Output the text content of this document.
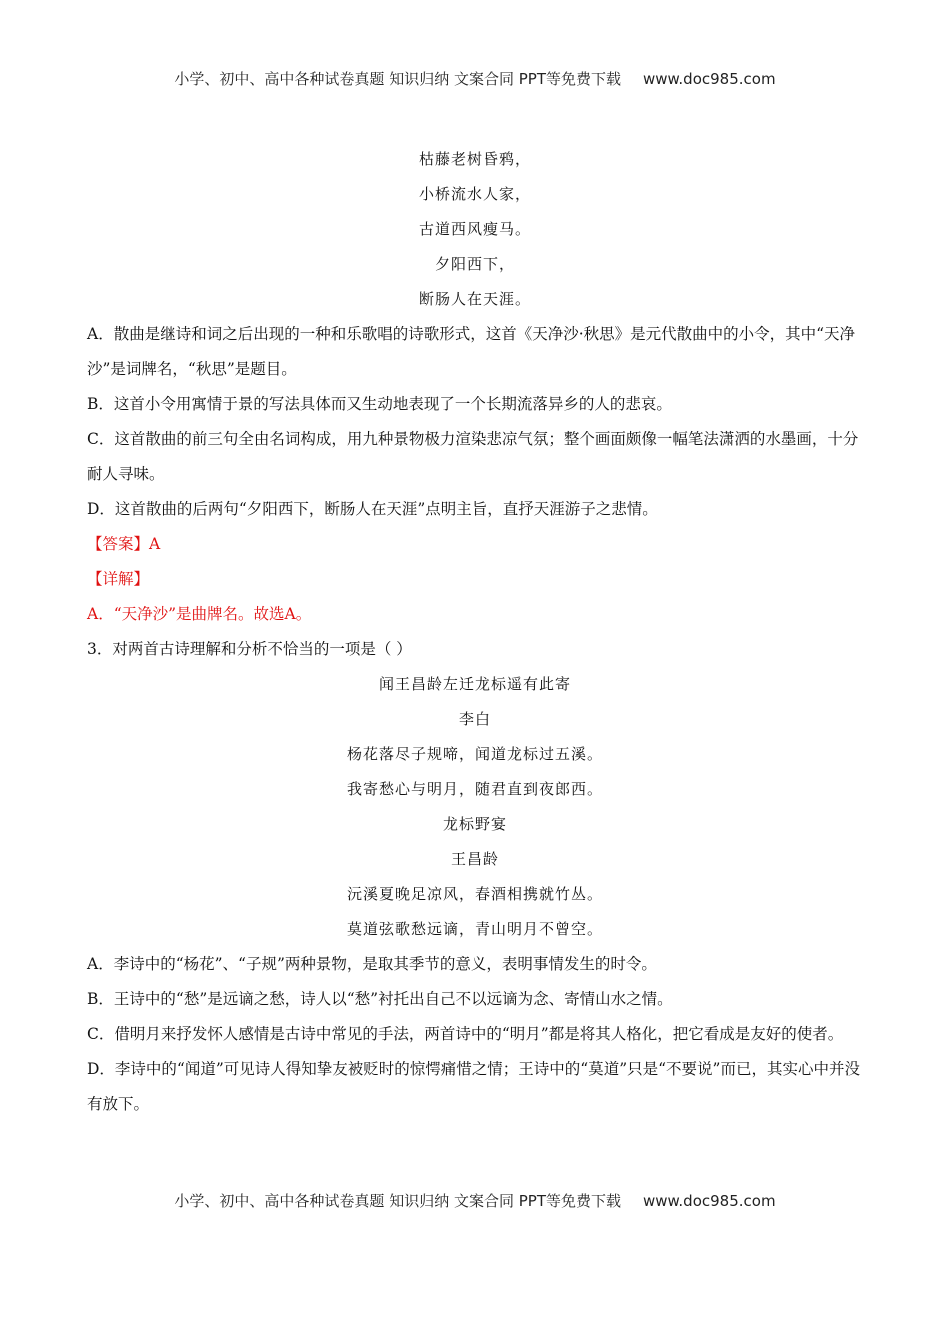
小学、初中、高中各种试卷真题 知识归纳 文案合同 PPT等免费下载 www.doc985.com
枯藤老树昏鸦，
小桥流水人家，
古道西风瘦马。
夕阳西下，
断肠人在天涯。

A．散曲是继诗和词之后出现的一种和乐歌唱的诗歌形式，这首《天净沙·秋思》是元代散曲中的小令，其中“天净沙”是词牌名，“秋思”是题目。

B．这首小令用寓情于景的写法具体而又生动地表现了一个长期流落异乡的人的悲哀。

C．这首散曲的前三句全由名词构成，用九种景物极力渲染悲凉气氛；整个画面颇像一幅笔法潇洒的水墨画，十分耐人寻味。

D．这首散曲的后两句“夕阳西下，断肠人在天涯”点明主旨，直抒天涯游子之悲情。

【答案】A

【详解】

A．“天净沙”是曲牌名。故选A。

3．对两首古诗理解和分析不恰当的一项是（ ）

闻王昌龄左迁龙标遥有此寄
李白
杨花落尽子规啼，闻道龙标过五溪。
我寄愁心与明月，随君直到夜郎西。
龙标野宴
王昌龄
沅溪夏晚足凉风，春酒相携就竹丛。
莫道弦歌愁远谪，青山明月不曾空。

A．李诗中的“杨花”、“子规”两种景物，是取其季节的意义，表明事情发生的时令。

B．王诗中的“愁”是远谪之愁，诗人以“愁”衬托出自己不以远谪为念、寄情山水之情。

C．借明月来抒发怀人感情是古诗中常见的手法，两首诗中的“明月”都是将其人格化，把它看成是友好的使者。

D．李诗中的“闻道”可见诗人得知挚友被贬时的惊愕痛惜之情；王诗中的“莫道”只是“不要说”而已，其实心中并没有放下。

小学、初中、高中各种试卷真题 知识归纳 文案合同 PPT等免费下载 www.doc985.com
